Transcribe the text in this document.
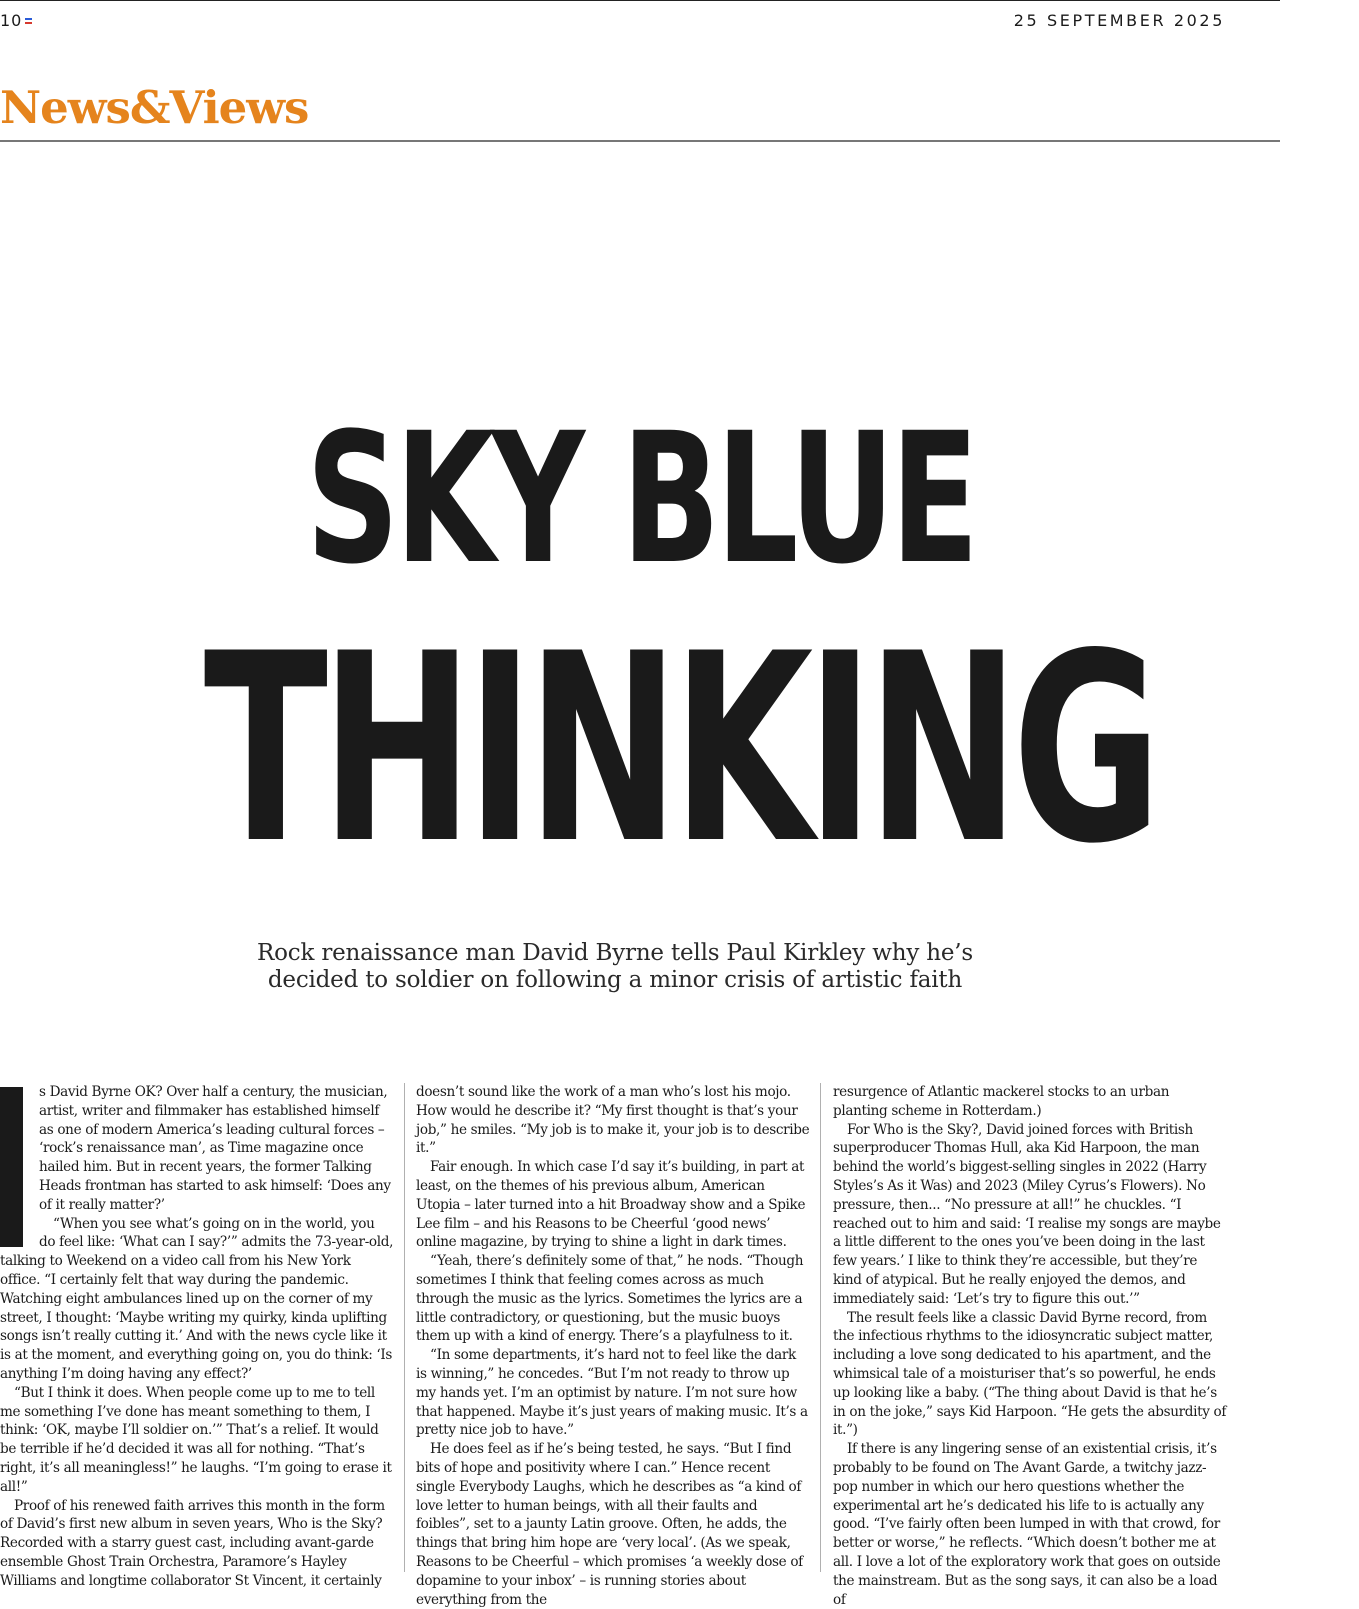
10	25 SEPTEMBER 2025
News&Views
SKY BLUE
THINKING
Rock renaissance man David Byrne tells Paul Kirkley why he’s
decided to soldier on following a minor crisis of artistic faith

s David Byrne OK? Over half a century, the musician, artist, writer and filmmaker has established himself as one of modern America’s leading cultural forces – ‘rock’s renaissance man’, as Time magazine once hailed him. But in recent years, the former Talking Heads frontman has started to ask himself: ‘Does any of it really matter?’

“When you see what’s going on in the world, you do feel like: ‘What can I say?’” admits the 73-year-old, talking to Weekend on a video call from his New York office. “I certainly felt that way during the pandemic. Watching eight ambulances lined up on the corner of my street, I thought: ‘Maybe writing my quirky, kinda uplifting songs isn’t really cutting it.’ And with the news cycle like it is at the moment, and everything going on, you do think: ‘Is anything I’m doing having any effect?’

“But I think it does. When people come up to me to tell me something I’ve done has meant something to them, I think: ‘OK, maybe I’ll soldier on.’” That’s a relief. It would be terrible if he’d decided it was all for nothing. “That’s right, it’s all meaningless!” he laughs. “I’m going to erase it all!”

Proof of his renewed faith arrives this month in the form of David’s first new album in seven years, Who is the Sky? Recorded with a starry guest cast, including avant-garde ensemble Ghost Train Orchestra, Paramore’s Hayley Williams and longtime collaborator St Vincent, it certainly

doesn’t sound like the work of a man who’s lost his mojo. How would he describe it? “My first thought is that’s your job,” he smiles. “My job is to make it, your job is to describe it.”

Fair enough. In which case I’d say it’s building, in part at least, on the themes of his previous album, American Utopia – later turned into a hit Broadway show and a Spike Lee film – and his Reasons to be Cheerful ‘good news’ online magazine, by trying to shine a light in dark times.

“Yeah, there’s definitely some of that,” he nods. “Though sometimes I think that feeling comes across as much through the music as the lyrics. Sometimes the lyrics are a little contradictory, or questioning, but the music buoys them up with a kind of energy. There’s a playfulness to it.

“In some departments, it’s hard not to feel like the dark is winning,” he concedes. “But I’m not ready to throw up my hands yet. I’m an optimist by nature. I’m not sure how that happened. Maybe it’s just years of making music. It’s a pretty nice job to have.”

He does feel as if he’s being tested, he says. “But I find bits of hope and positivity where I can.” Hence recent single Everybody Laughs, which he describes as “a kind of love letter to human beings, with all their faults and foibles”, set to a jaunty Latin groove. Often, he adds, the things that bring him hope are ‘very local’. (As we speak, Reasons to be Cheerful – which promises ‘a weekly dose of dopamine to your inbox’ – is running stories about everything from the

resurgence of Atlantic mackerel stocks to an urban planting scheme in Rotterdam.)

For Who is the Sky?, David joined forces with British superproducer Thomas Hull, aka Kid Harpoon, the man behind the world’s biggest-selling singles in 2022 (Harry Styles’s As it Was) and 2023 (Miley Cyrus’s Flowers). No pressure, then... “No pressure at all!” he chuckles. “I reached out to him and said: ‘I realise my songs are maybe a little different to the ones you’ve been doing in the last few years.’ I like to think they’re accessible, but they’re kind of atypical. But he really enjoyed the demos, and immediately said: ‘Let’s try to figure this out.’”

The result feels like a classic David Byrne record, from the infectious rhythms to the idiosyncratic subject matter, including a love song dedicated to his apartment, and the whimsical tale of a moisturiser that’s so powerful, he ends up looking like a baby. (“The thing about David is that he’s in on the joke,” says Kid Harpoon. “He gets the absurdity of it.”)

If there is any lingering sense of an existential crisis, it’s probably to be found on The Avant Garde, a twitchy jazz-pop number in which our hero questions whether the experimental art he’s dedicated his life to is actually any good. “I’ve fairly often been lumped in with that crowd, for better or worse,” he reflects. “Which doesn’t bother me at all. I love a lot of the exploratory work that goes on outside the mainstream. But as the song says, it can also be a load of
